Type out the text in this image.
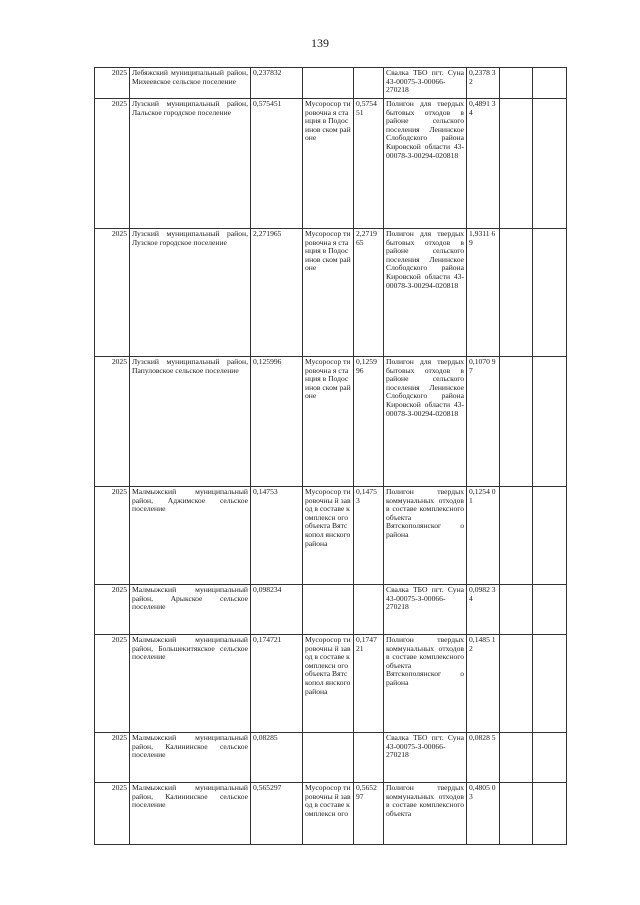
139
2025	Лебяжский муниципальный район, Михеевское сельское поселение	0,237832			Свалка ТБО пгт. Суна 43-00075-З-00066-270218	0,2378 32		
2025	Лузский муниципальный район, Лальское городское поселение	0,575451	Мусоросор тировочна я станция в Подосинов ском районе	0,5754 51	Полигон для твердых бытовых отходов в районе сельского поселения Ленинское Слободского района Кировской области 43-00078-З-00294-020818	0,4891 34		
2025	Лузский муниципальный район, Лузское городское поселение	2,271965	Мусоросор тировочна я станция в Подосинов ском районе	2,2719 65	Полигон для твердых бытовых отходов в районе сельского поселения Ленинское Слободского района Кировской области 43-00078-З-00294-020818	1,9311 69		
2025	Лузский муниципальный район, Папуловское сельское поселение	0,125996	Мусоросор тировочна я станция в Подосинов ском районе	0,1259 96	Полигон для твердых бытовых отходов в районе сельского поселения Ленинское Слободского района Кировской области 43-00078-З-00294-020818	0,1070 97		
2025	Малмыжский муниципальный район, Аджимское сельское поселение	0,14753	Мусоросор тировочны й завод в составе комплексн ого объекта Вятскопол янского района	0,1475 3	Полигон твердых коммунальных отходов в составе комплексного объекта Вятскополянског о района	0,1254 01		
2025	Малмыжский муниципальный район, Арыкское сельское поселение	0,098234			Свалка ТБО пгт. Суна 43-00075-З-00066-270218	0,0982 34		
2025	Малмыжский муниципальный район, Большекитякское сельское поселение	0,174721	Мусоросор тировочны й завод в составе комплексн ого объекта Вятскопол янского района	0,1747 21	Полигон твердых коммунальных отходов в составе комплексного объекта Вятскополянског о района	0,1485 12		
2025	Малмыжский муниципальный район, Калининское сельское поселение	0,08285			Свалка ТБО пгт. Суна 43-00075-З-00066-270218	0,0828 5		
2025	Малмыжский муниципальный район, Калининское сельское поселение	0,565297	Мусоросор тировочны й завод в составе комплексн ого	0,5652 97	Полигон твердых коммунальных отходов в составе комплексного объекта	0,4805 03		
